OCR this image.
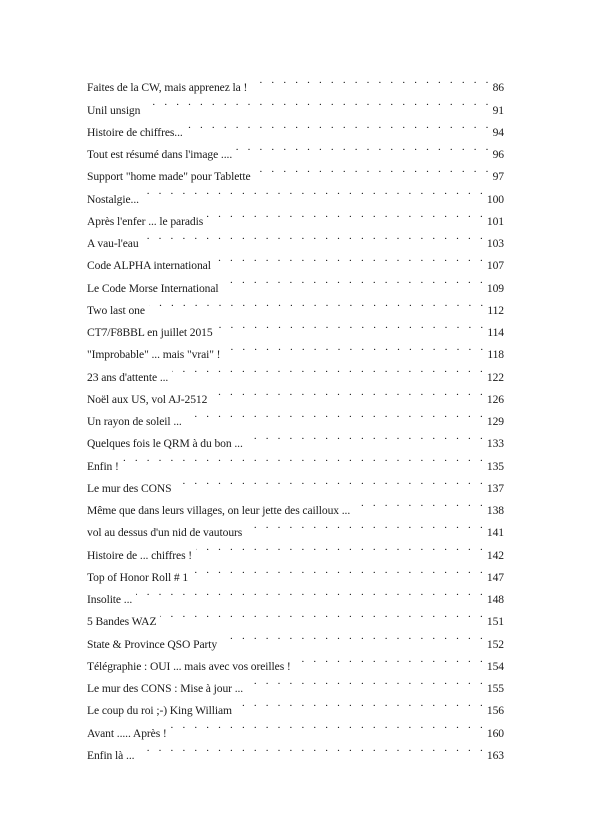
Faites de la CW, mais apprenez la ! . . .	86
Unil unsign . . .	91
Histoire de chiffres... . . .	94
Tout est résumé dans l'image .... . . .	96
Support "home made" pour Tablette . . .	97
Nostalgie... . . .	100
Après l'enfer ... le paradis . . .	101
A vau-l'eau . . .	103
Code ALPHA international . . .	107
Le Code Morse International . . .	109
Two last one . . .	112
CT7/F8BBL en juillet 2015 . . .	114
"Improbable" ... mais "vrai" ! . . .	118
23 ans d'attente ... . . .	122
Noël aux US, vol AJ-2512 . . .	126
Un rayon de soleil ... . . .	129
Quelques fois le QRM à du bon ... . . .	133
Enfin ! . . .	135
Le mur des CONS . . .	137
Même que dans leurs villages, on leur jette des cailloux ... . . .	138
vol au dessus d'un nid de vautours . . .	141
Histoire de ... chiffres ! . . .	142
Top of Honor Roll # 1 . . .	147
Insolite ... . . .	148
5 Bandes WAZ . . .	151
State & Province QSO Party . . .	152
Télégraphie : OUI ... mais avec vos oreilles ! . . .	154
Le mur des CONS : Mise à jour ... . . .	155
Le coup du roi ;-) King William . . .	156
Avant ..... Après ! . . .	160
Enfin là ... . . .	163
